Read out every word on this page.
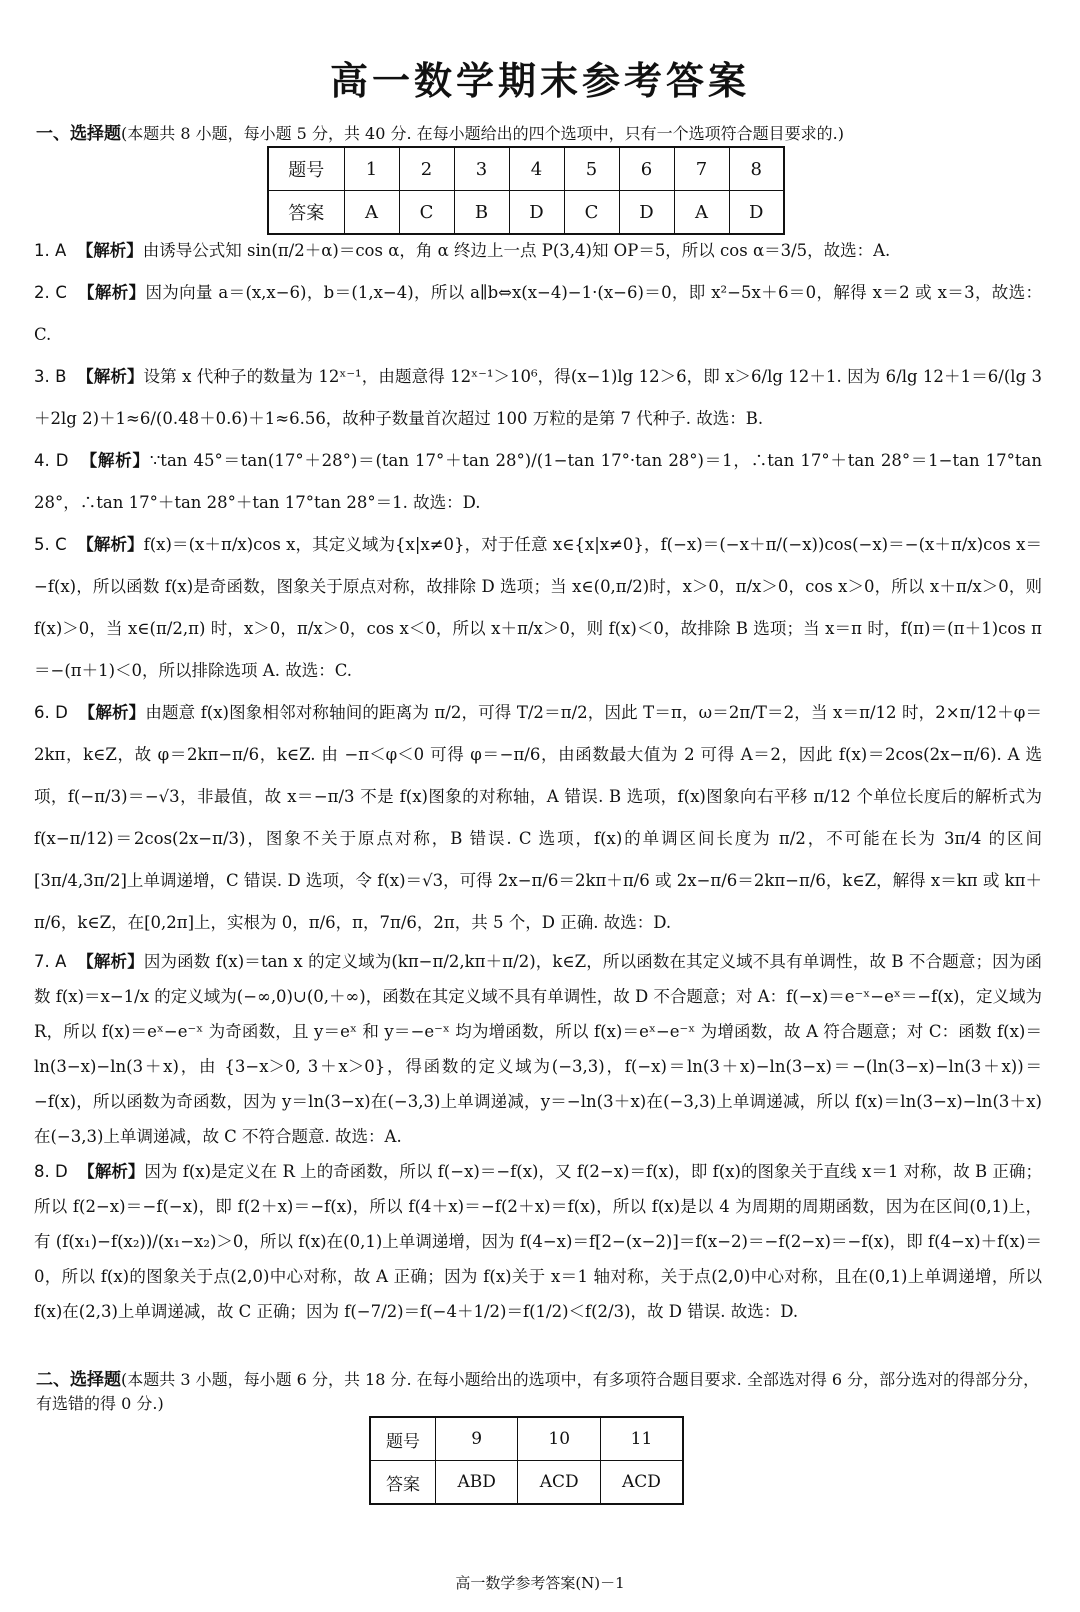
高一数学期末参考答案
一、选择题(本题共 8 小题，每小题 5 分，共 40 分. 在每小题给出的四个选项中，只有一个选项符合题目要求的.)
题号	1	2	3	4	5	6	7	8
答案	A	C	B	D	C	D	A	D

1. A 【解析】由诱导公式知 sin(π/2＋α)＝cos α，角 α 终边上一点 P(3,4)知 OP＝5，所以 cos α＝3/5，故选：A.

2. C 【解析】因为向量 a＝(x,x−6)，b＝(1,x−4)，所以 a∥b⇔x(x−4)−1·(x−6)＝0，即 x²−5x＋6＝0，解得 x＝2 或 x＝3，故选：C.

3. B 【解析】设第 x 代种子的数量为 12ˣ⁻¹，由题意得 12ˣ⁻¹＞10⁶，得(x−1)lg 12＞6，即 x＞6/lg 12＋1. 因为 6/lg 12＋1＝6/(lg 3＋2lg 2)＋1≈6/(0.48＋0.6)＋1≈6.56，故种子数量首次超过 100 万粒的是第 7 代种子. 故选：B.

4. D 【解析】∵tan 45°＝tan(17°＋28°)＝(tan 17°＋tan 28°)/(1−tan 17°·tan 28°)＝1，∴tan 17°＋tan 28°＝1−tan 17°tan 28°，∴tan 17°＋tan 28°＋tan 17°tan 28°＝1. 故选：D.

5. C 【解析】f(x)＝(x＋π/x)cos x，其定义域为{x|x≠0}，对于任意 x∈{x|x≠0}，f(−x)＝(−x＋π/(−x))cos(−x)＝−(x＋π/x)cos x＝−f(x)，所以函数 f(x)是奇函数，图象关于原点对称，故排除 D 选项；当 x∈(0,π/2)时，x＞0，π/x＞0，cos x＞0，所以 x＋π/x＞0，则 f(x)＞0，当 x∈(π/2,π) 时，x＞0，π/x＞0，cos x＜0，所以 x＋π/x＞0，则 f(x)＜0，故排除 B 选项；当 x＝π 时，f(π)＝(π＋1)cos π＝−(π＋1)＜0，所以排除选项 A. 故选：C.

6. D 【解析】由题意 f(x)图象相邻对称轴间的距离为 π/2，可得 T/2＝π/2，因此 T＝π，ω＝2π/T＝2，当 x＝π/12 时，2×π/12＋φ＝2kπ，k∈Z，故 φ＝2kπ−π/6，k∈Z. 由 −π＜φ＜0 可得 φ＝−π/6，由函数最大值为 2 可得 A＝2，因此 f(x)＝2cos(2x−π/6). A 选项，f(−π/3)＝−√3，非最值，故 x＝−π/3 不是 f(x)图象的对称轴，A 错误. B 选项，f(x)图象向右平移 π/12 个单位长度后的解析式为 f(x−π/12)＝2cos(2x−π/3)，图象不关于原点对称，B 错误. C 选项，f(x)的单调区间长度为 π/2，不可能在长为 3π/4 的区间[3π/4,3π/2]上单调递增，C 错误. D 选项，令 f(x)＝√3，可得 2x−π/6＝2kπ＋π/6 或 2x−π/6＝2kπ−π/6，k∈Z，解得 x＝kπ 或 kπ＋π/6，k∈Z，在[0,2π]上，实根为 0，π/6，π，7π/6，2π，共 5 个，D 正确. 故选：D.

7. A 【解析】因为函数 f(x)＝tan x 的定义域为(kπ−π/2,kπ＋π/2)，k∈Z，所以函数在其定义域不具有单调性，故 B 不合题意；因为函数 f(x)＝x−1/x 的定义域为(−∞,0)∪(0,＋∞)，函数在其定义域不具有单调性，故 D 不合题意；对 A：f(−x)＝e⁻ˣ−eˣ＝−f(x)，定义域为 R，所以 f(x)＝eˣ−e⁻ˣ 为奇函数，且 y＝eˣ 和 y＝−e⁻ˣ 均为增函数，所以 f(x)＝eˣ−e⁻ˣ 为增函数，故 A 符合题意；对 C：函数 f(x)＝ln(3−x)−ln(3＋x)，由 {3−x＞0, 3＋x＞0}，得函数的定义域为(−3,3)，f(−x)＝ln(3＋x)−ln(3−x)＝−(ln(3−x)−ln(3＋x))＝−f(x)，所以函数为奇函数，因为 y＝ln(3−x)在(−3,3)上单调递减，y＝−ln(3＋x)在(−3,3)上单调递减，所以 f(x)＝ln(3−x)−ln(3＋x)在(−3,3)上单调递减，故 C 不符合题意. 故选：A.

8. D 【解析】因为 f(x)是定义在 R 上的奇函数，所以 f(−x)＝−f(x)，又 f(2−x)＝f(x)，即 f(x)的图象关于直线 x＝1 对称，故 B 正确；所以 f(2−x)＝−f(−x)，即 f(2＋x)＝−f(x)，所以 f(4＋x)＝−f(2＋x)＝f(x)，所以 f(x)是以 4 为周期的周期函数，因为在区间(0,1)上，有 (f(x₁)−f(x₂))/(x₁−x₂)＞0，所以 f(x)在(0,1)上单调递增，因为 f(4−x)＝f[2−(x−2)]＝f(x−2)＝−f(2−x)＝−f(x)，即 f(4−x)＋f(x)＝0，所以 f(x)的图象关于点(2,0)中心对称，故 A 正确；因为 f(x)关于 x＝1 轴对称，关于点(2,0)中心对称，且在(0,1)上单调递增，所以 f(x)在(2,3)上单调递减，故 C 正确；因为 f(−7/2)＝f(−4＋1/2)＝f(1/2)＜f(2/3)，故 D 错误. 故选：D.

二、选择题(本题共 3 小题，每小题 6 分，共 18 分. 在每小题给出的选项中，有多项符合题目要求. 全部选对得 6 分，部分选对的得部分分，有选错的得 0 分.)
题号	9	10	11
答案	ABD	ACD	ACD
高一数学参考答案(N)－1
